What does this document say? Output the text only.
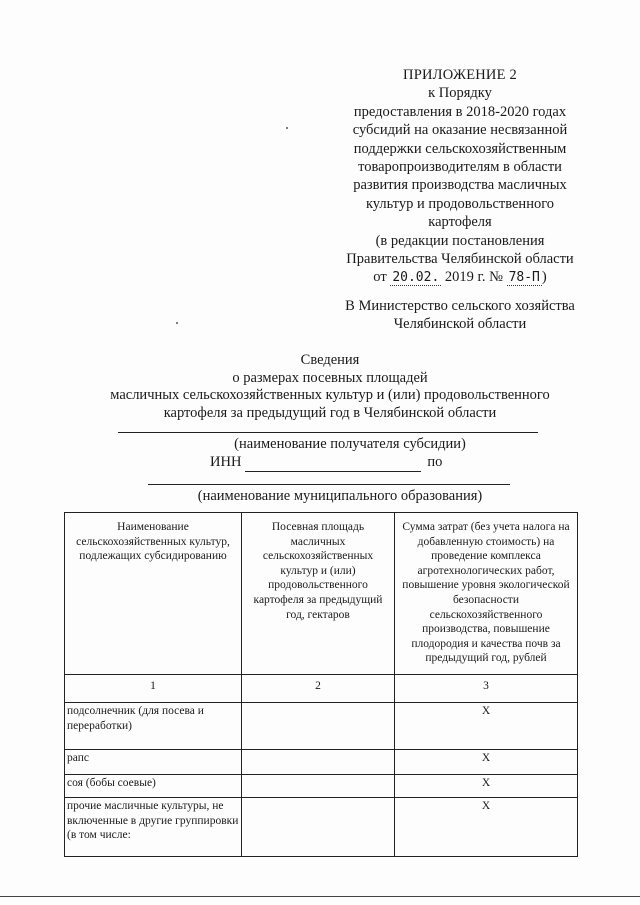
ПРИЛОЖЕНИЕ 2
к Порядку
предоставления в 2018-2020 годах
субсидий на оказание несвязанной
поддержки сельскохозяйственным
товаропроизводителям в области
развития производства масличных
культур и продовольственного
картофеля
(в редакции постановления
Правительства Челябинской области
от 20.02. 2019 г. № 78-П )
В Министерство сельского хозяйства
Челябинской области
Сведения
о размерах посевных площадей
масличных сельскохозяйственных культур и (или) продовольственного
картофеля за предыдущий год в Челябинской области
(наименование получателя субсидии)
ИНН	по
(наименование муниципального образования)
Наименование сельскохозяйственных культур, подлежащих субсидированию	Посевная площадь масличных сельскохозяйственных культур и (или) продовольственного картофеля за предыдущий год, гектаров	Сумма затрат (без учета налога на добавленную стоимость) на проведение комплекса агротехнологических работ, повышение уровня экологической безопасности сельскохозяйственного производства, повышение плодородия и качества почв за предыдущий год, рублей
1	2	3
подсолнечник (для посева и переработки)		Х
рапс		Х
соя (бобы соевые)		Х
прочие масличные культуры, не включенные в другие группировки (в том числе:		Х
